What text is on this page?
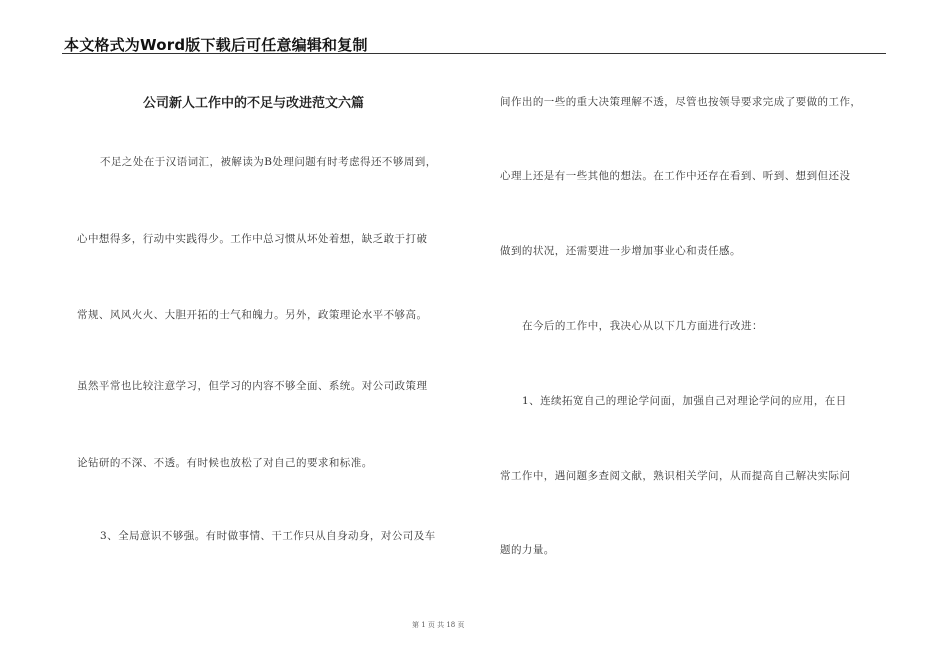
本文格式为Word版下载后可任意编辑和复制
公司新人工作中的不足与改进范文六篇
不足之处在于汉语词汇，被解读为B处理问题有时考虑得还不够周到，
心中想得多，行动中实践得少。工作中总习惯从坏处着想，缺乏敢于打破
常规、风风火火、大胆开拓的士气和魄力。另外，政策理论水平不够高。
虽然平常也比较注意学习，但学习的内容不够全面、系统。对公司政策理
论钻研的不深、不透。有时候也放松了对自己的要求和标准。
3、全局意识不够强。有时做事情、干工作只从自身动身，对公司及车
间作出的一些的重大决策理解不透，尽管也按领导要求完成了要做的工作，
心理上还是有一些其他的想法。在工作中还存在看到、听到、想到但还没
做到的状况，还需要进一步增加事业心和责任感。
在今后的工作中，我决心从以下几方面进行改进：
1、连续拓宽自己的理论学问面，加强自己对理论学问的应用，在日
常工作中，遇问题多查阅文献，熟识相关学问，从而提高自己解决实际问
题的力量。
第 1 页 共 18 页
